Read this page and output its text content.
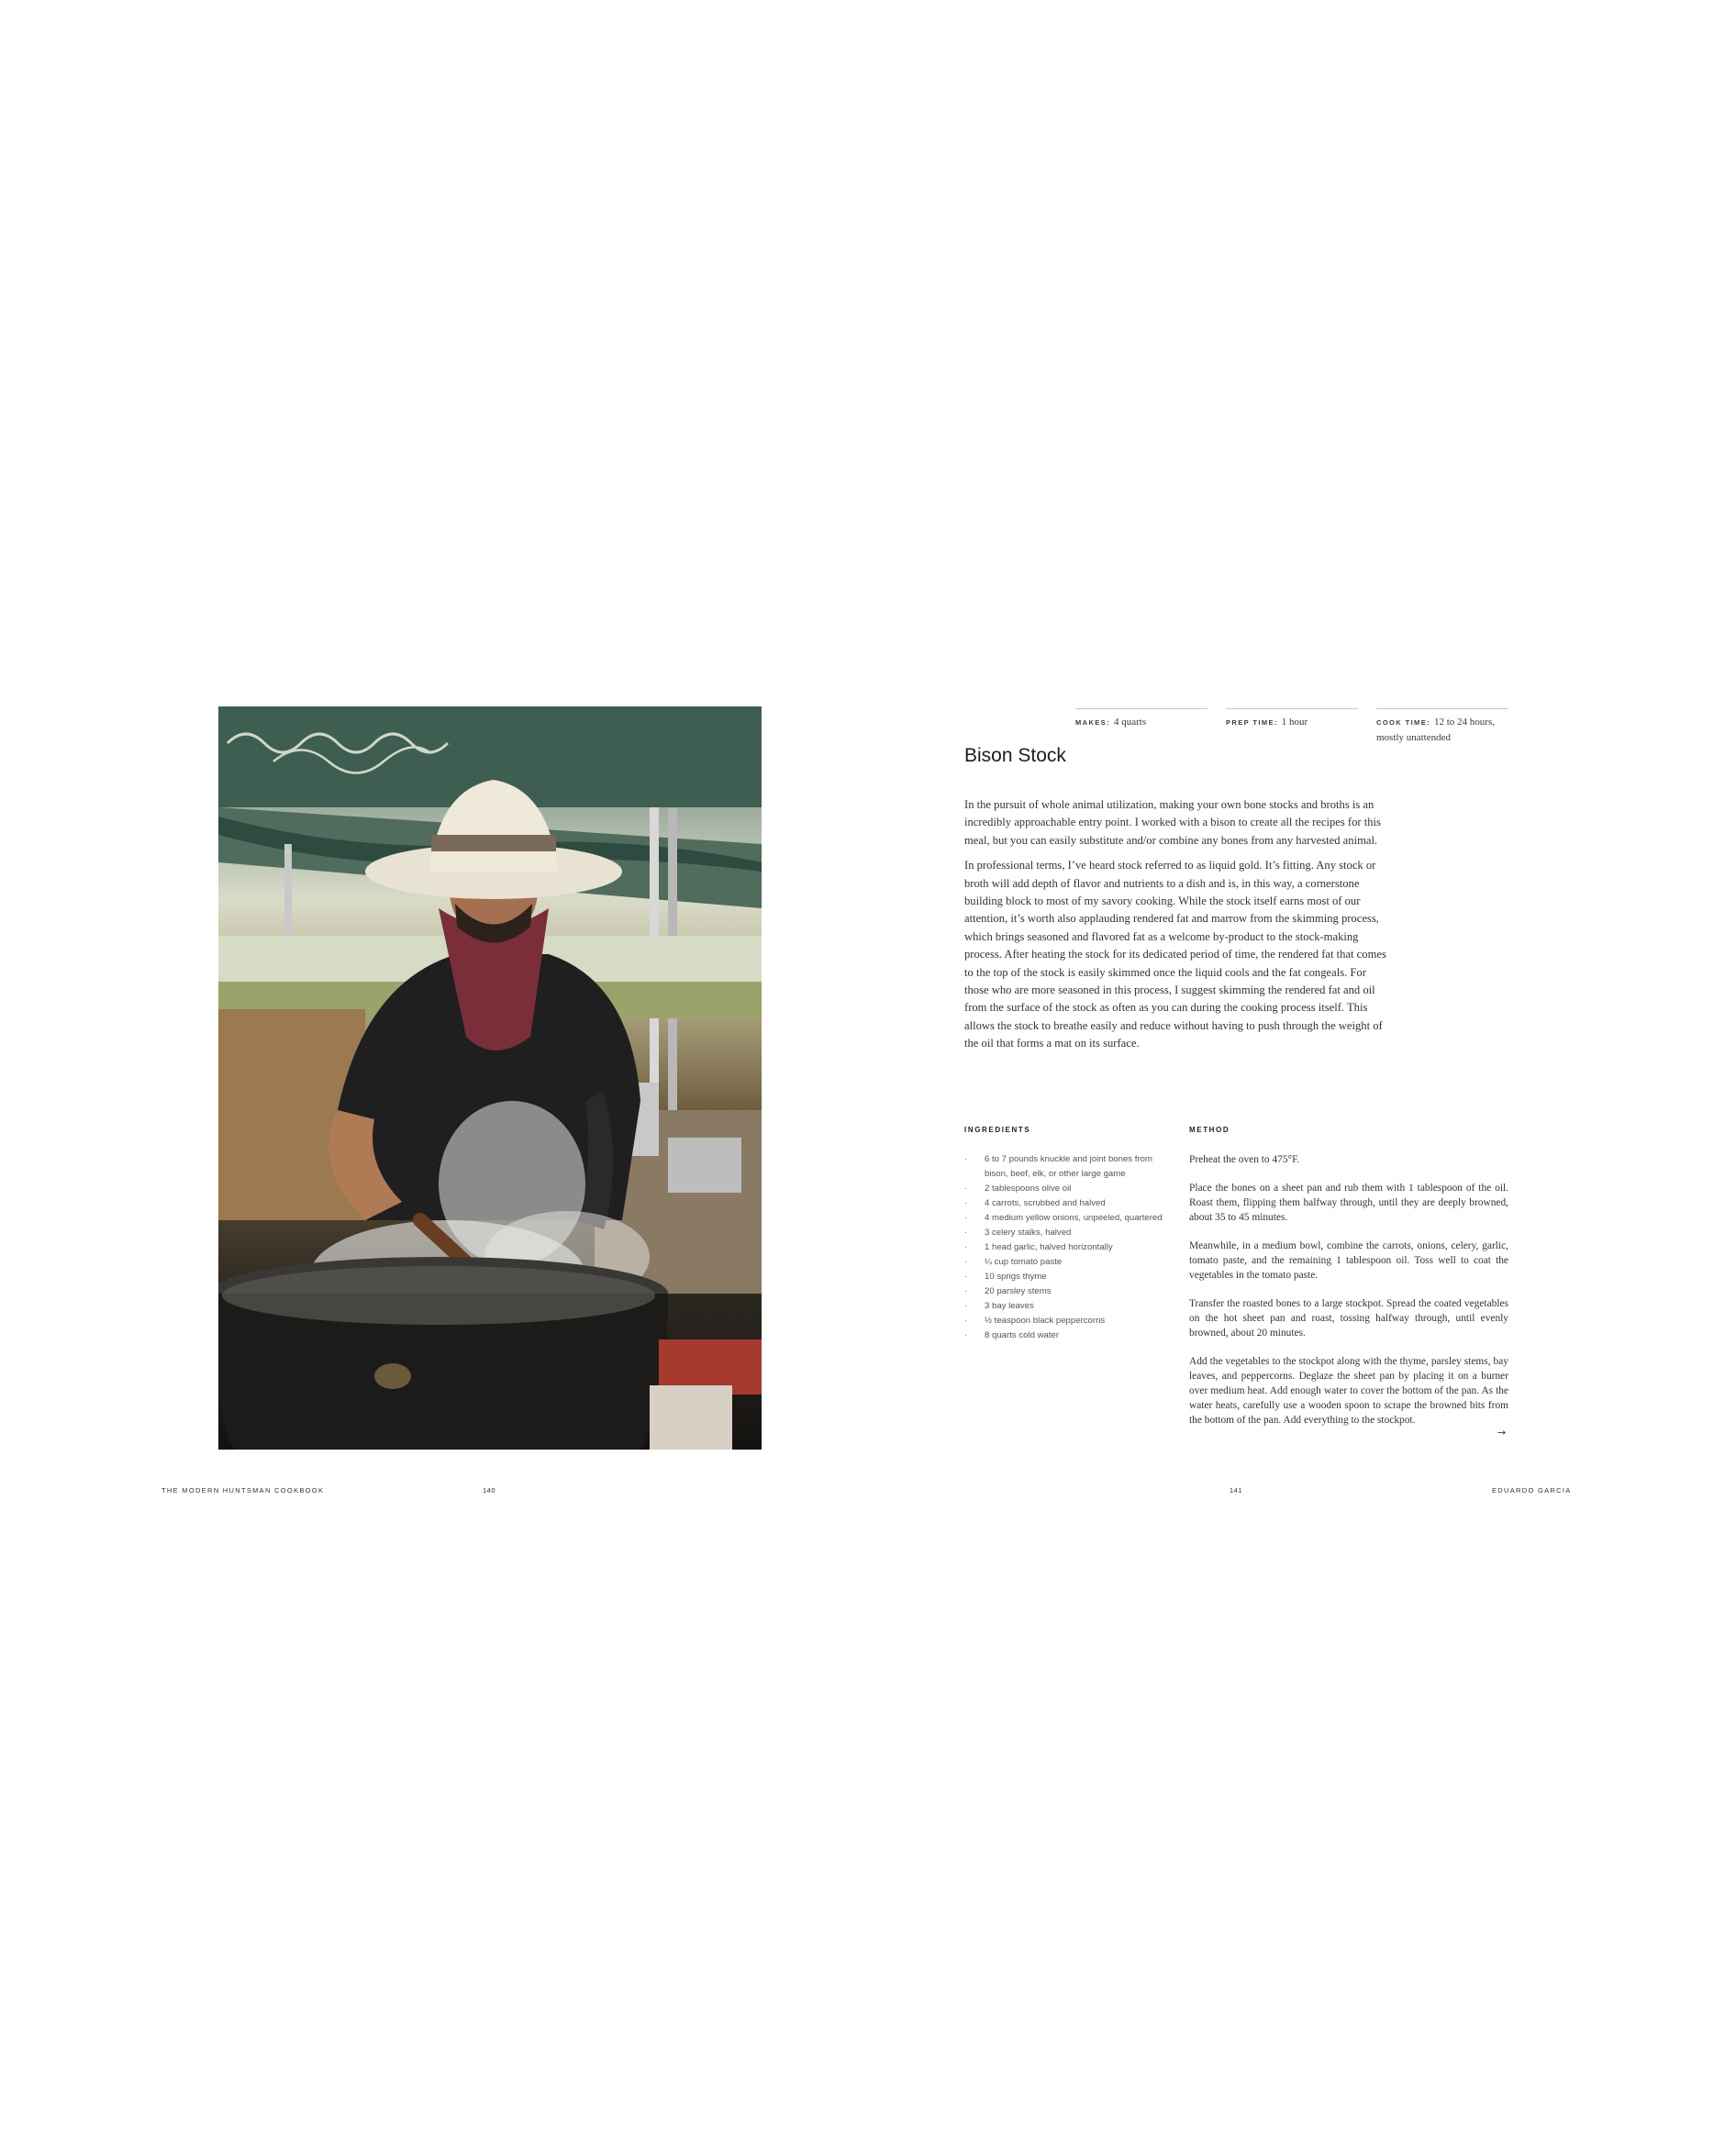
MAKES: 4 quarts	PREP TIME: 1 hour	COOK TIME: 12 to 24 hours, mostly unattended
Bison Stock

In the pursuit of whole animal utilization, making your own bone stocks and broths is an incredibly approachable entry point. I worked with a bison to create all the recipes for this meal, but you can easily substitute and/or combine any bones from any harvested animal.

In professional terms, I’ve heard stock referred to as liquid gold. It’s fitting. Any stock or broth will add depth of flavor and nutrients to a dish and is, in this way, a cornerstone building block to most of my savory cooking. While the stock itself earns most of our attention, it’s worth also applauding rendered fat and marrow from the skimming process, which brings seasoned and flavored fat as a welcome by-product to the stock-making process. After heating the stock for its dedicated period of time, the rendered fat that comes to the top of the stock is easily skimmed once the liquid cools and the fat congeals. For those who are more seasoned in this process, I suggest skimming the rendered fat and oil from the surface of the stock as often as you can during the cooking process itself. This allows the stock to breathe easily and reduce without having to push through the weight of the oil that forms a mat on its surface.

INGREDIENTS	METHOD
· 6 to 7 pounds knuckle and joint bones from bison, beef, elk, or other large game
· 2 tablespoons olive oil
· 4 carrots, scrubbed and halved
· 4 medium yellow onions, unpeeled, quartered
· 3 celery stalks, halved
· 1 head garlic, halved horizontally
· ¼ cup tomato paste
· 10 sprigs thyme
· 20 parsley stems
· 3 bay leaves
· ½ teaspoon black peppercorns
· 8 quarts cold water

Preheat the oven to 475°F.

Place the bones on a sheet pan and rub them with 1 tablespoon of the oil. Roast them, flipping them halfway through, until they are deeply browned, about 35 to 45 minutes.

Meanwhile, in a medium bowl, combine the carrots, onions, celery, garlic, tomato paste, and the remaining 1 tablespoon oil. Toss well to coat the vegetables in the tomato paste.

Transfer the roasted bones to a large stockpot. Spread the coated vegetables on the hot sheet pan and roast, tossing halfway through, until evenly browned, about 20 minutes.

Add the vegetables to the stockpot along with the thyme, parsley stems, bay leaves, and peppercorns. Deglaze the sheet pan by placing it on a burner over medium heat. Add enough water to cover the bottom of the pan. As the water heats, carefully use a wooden spoon to scrape the browned bits from the bottom of the pan. Add everything to the stockpot.

→
THE MODERN HUNTSMAN COOKBOOK	140	141	EDUARDO GARCIA
